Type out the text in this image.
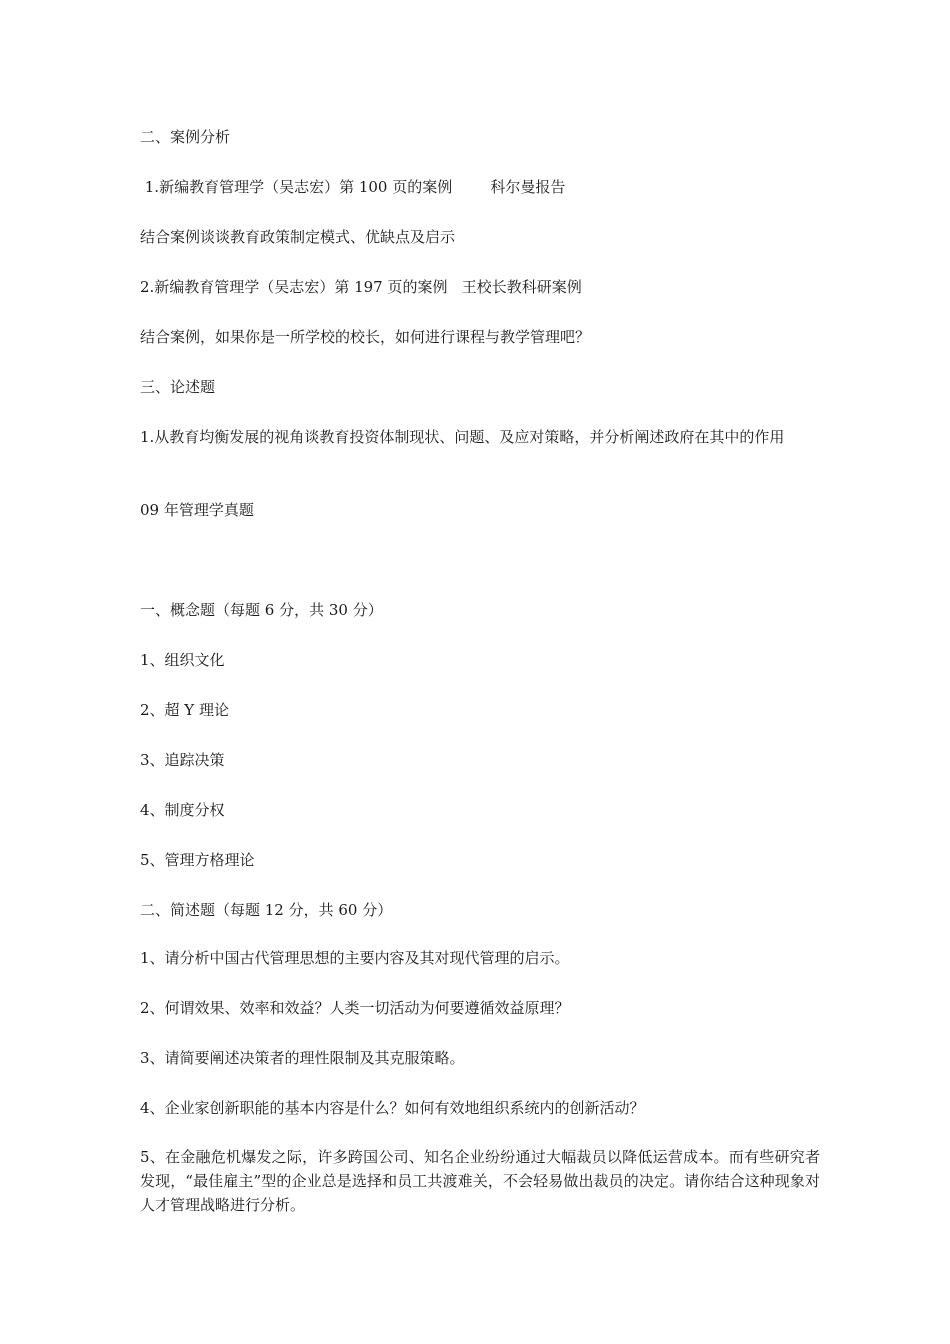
二、案例分析
1.新编教育管理学（吴志宏）第 100 页的案例        科尔曼报告
结合案例谈谈教育政策制定模式、优缺点及启示
2.新编教育管理学（吴志宏）第 197 页的案例   王校长教科研案例
结合案例，如果你是一所学校的校长，如何进行课程与教学管理吧？
三、论述题
1.从教育均衡发展的视角谈教育投资体制现状、问题、及应对策略，并分析阐述政府在其中的作用
09 年管理学真题
一、概念题（每题 6 分，共 30 分）
1、组织文化
2、超 Y 理论
3、追踪决策
4、制度分权
5、管理方格理论
二、简述题（每题 12 分，共 60 分）
1、请分析中国古代管理思想的主要内容及其对现代管理的启示。
2、何谓效果、效率和效益？人类一切活动为何要遵循效益原理？
3、请简要阐述决策者的理性限制及其克服策略。
4、企业家创新职能的基本内容是什么？如何有效地组织系统内的创新活动？
5、在金融危机爆发之际，许多跨国公司、知名企业纷纷通过大幅裁员以降低运营成本。而有些研究者发现，“最佳雇主”型的企业总是选择和员工共渡难关，不会轻易做出裁员的决定。请你结合这种现象对人才管理战略进行分析。
